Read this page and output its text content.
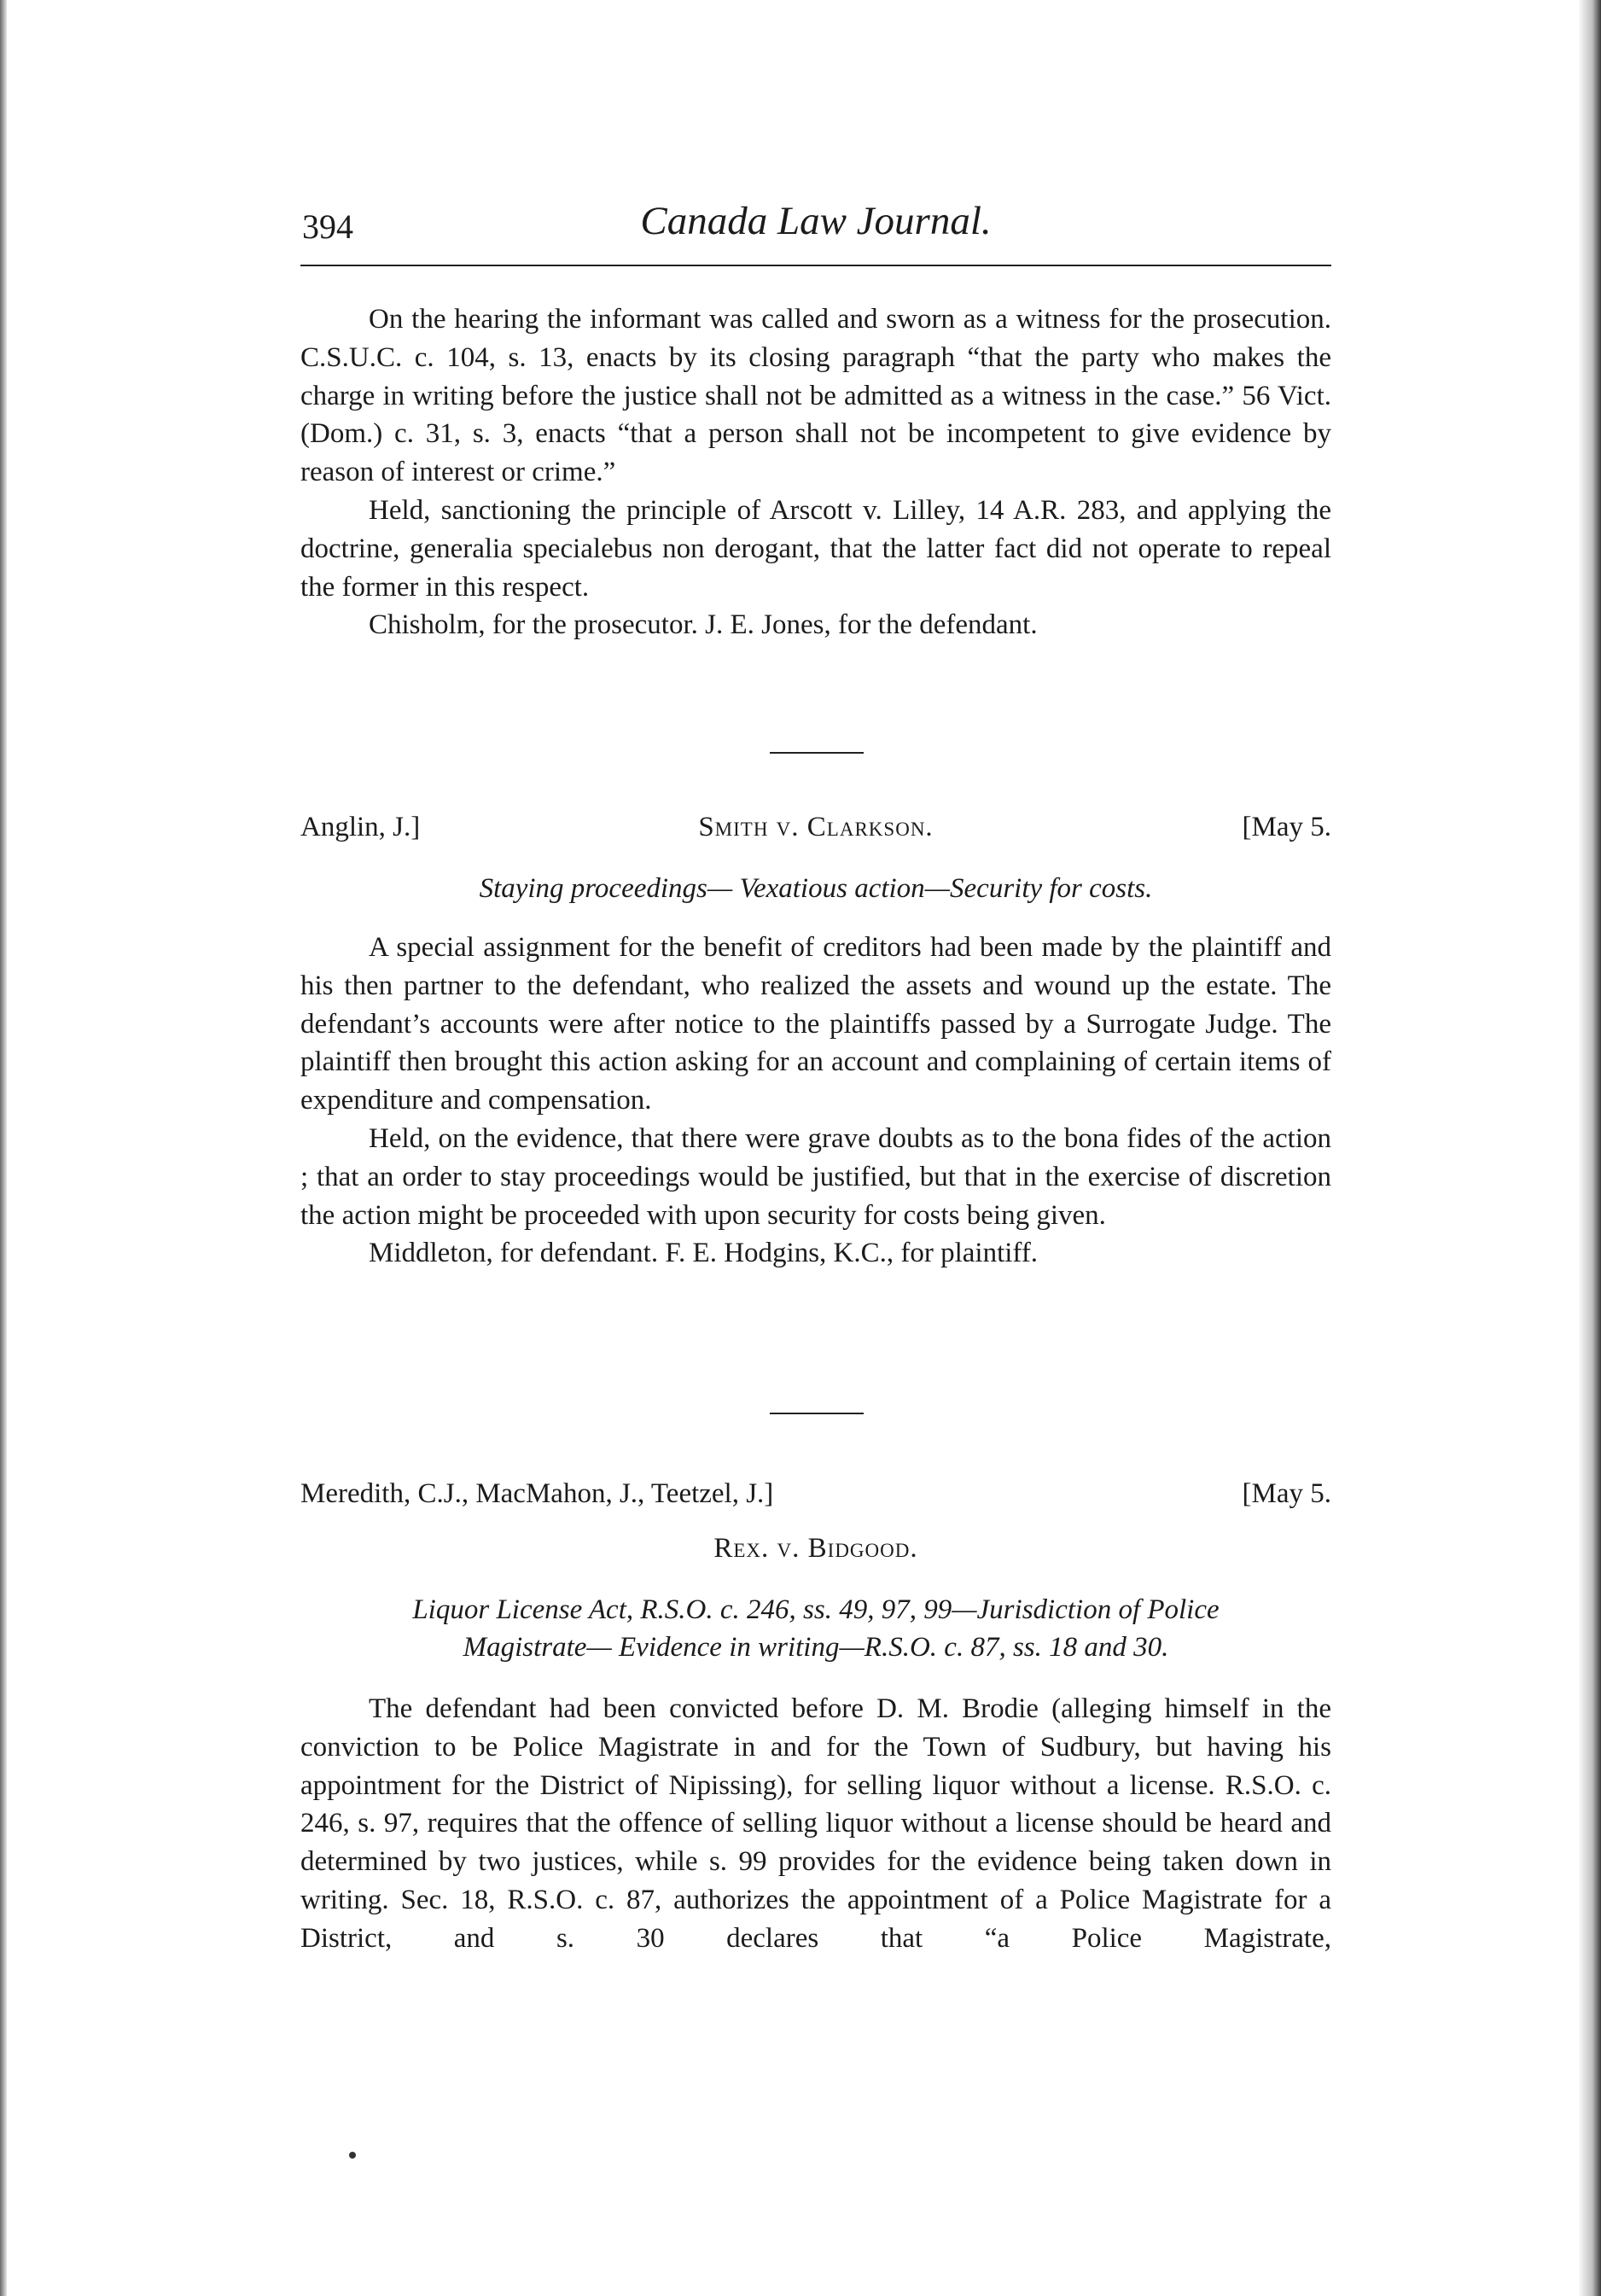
394	Canada Law Journal.

On the hearing the informant was called and sworn as a witness for the prosecution. C.S.U.C. c. 104, s. 13, enacts by its closing paragraph “that the party who makes the charge in writing before the justice shall not be admitted as a witness in the case.” 56 Vict. (Dom.) c. 31, s. 3, enacts “that a person shall not be incompetent to give evidence by reason of interest or crime.”

Held, sanctioning the principle of Arscott v. Lilley, 14 A.R. 283, and applying the doctrine, generalia specialebus non derogant, that the latter fact did not operate to repeal the former in this respect.

Chisholm, for the prosecutor. J. E. Jones, for the defendant.

Anglin, J.]	Smith v. Clarkson.	[May 5.
Staying proceedings— Vexatious action—Security for costs.

A special assignment for the benefit of creditors had been made by the plaintiff and his then partner to the defendant, who realized the assets and wound up the estate. The defendant’s accounts were after notice to the plaintiffs passed by a Surrogate Judge. The plaintiff then brought this action asking for an account and complaining of certain items of expenditure and compensation.

Held, on the evidence, that there were grave doubts as to the bona fides of the action ; that an order to stay proceedings would be justified, but that in the exercise of discretion the action might be proceeded with upon security for costs being given.

Middleton, for defendant. F. E. Hodgins, K.C., for plaintiff.

Meredith, C.J., MacMahon, J., Teetzel, J.]	[May 5.
Rex. v. Bidgood.
Liquor License Act, R.S.O. c. 246, ss. 49, 97, 99—Jurisdiction of Police
Magistrate— Evidence in writing—R.S.O. c. 87, ss. 18 and 30.

The defendant had been convicted before D. M. Brodie (alleging himself in the conviction to be Police Magistrate in and for the Town of Sudbury, but having his appointment for the District of Nipissing), for selling liquor without a license. R.S.O. c. 246, s. 97, requires that the offence of selling liquor without a license should be heard and determined by two justices, while s. 99 provides for the evidence being taken down in writing. Sec. 18, R.S.O. c. 87, authorizes the appointment of a Police Magistrate for a District, and s. 30 declares that “a Police Magistrate,
